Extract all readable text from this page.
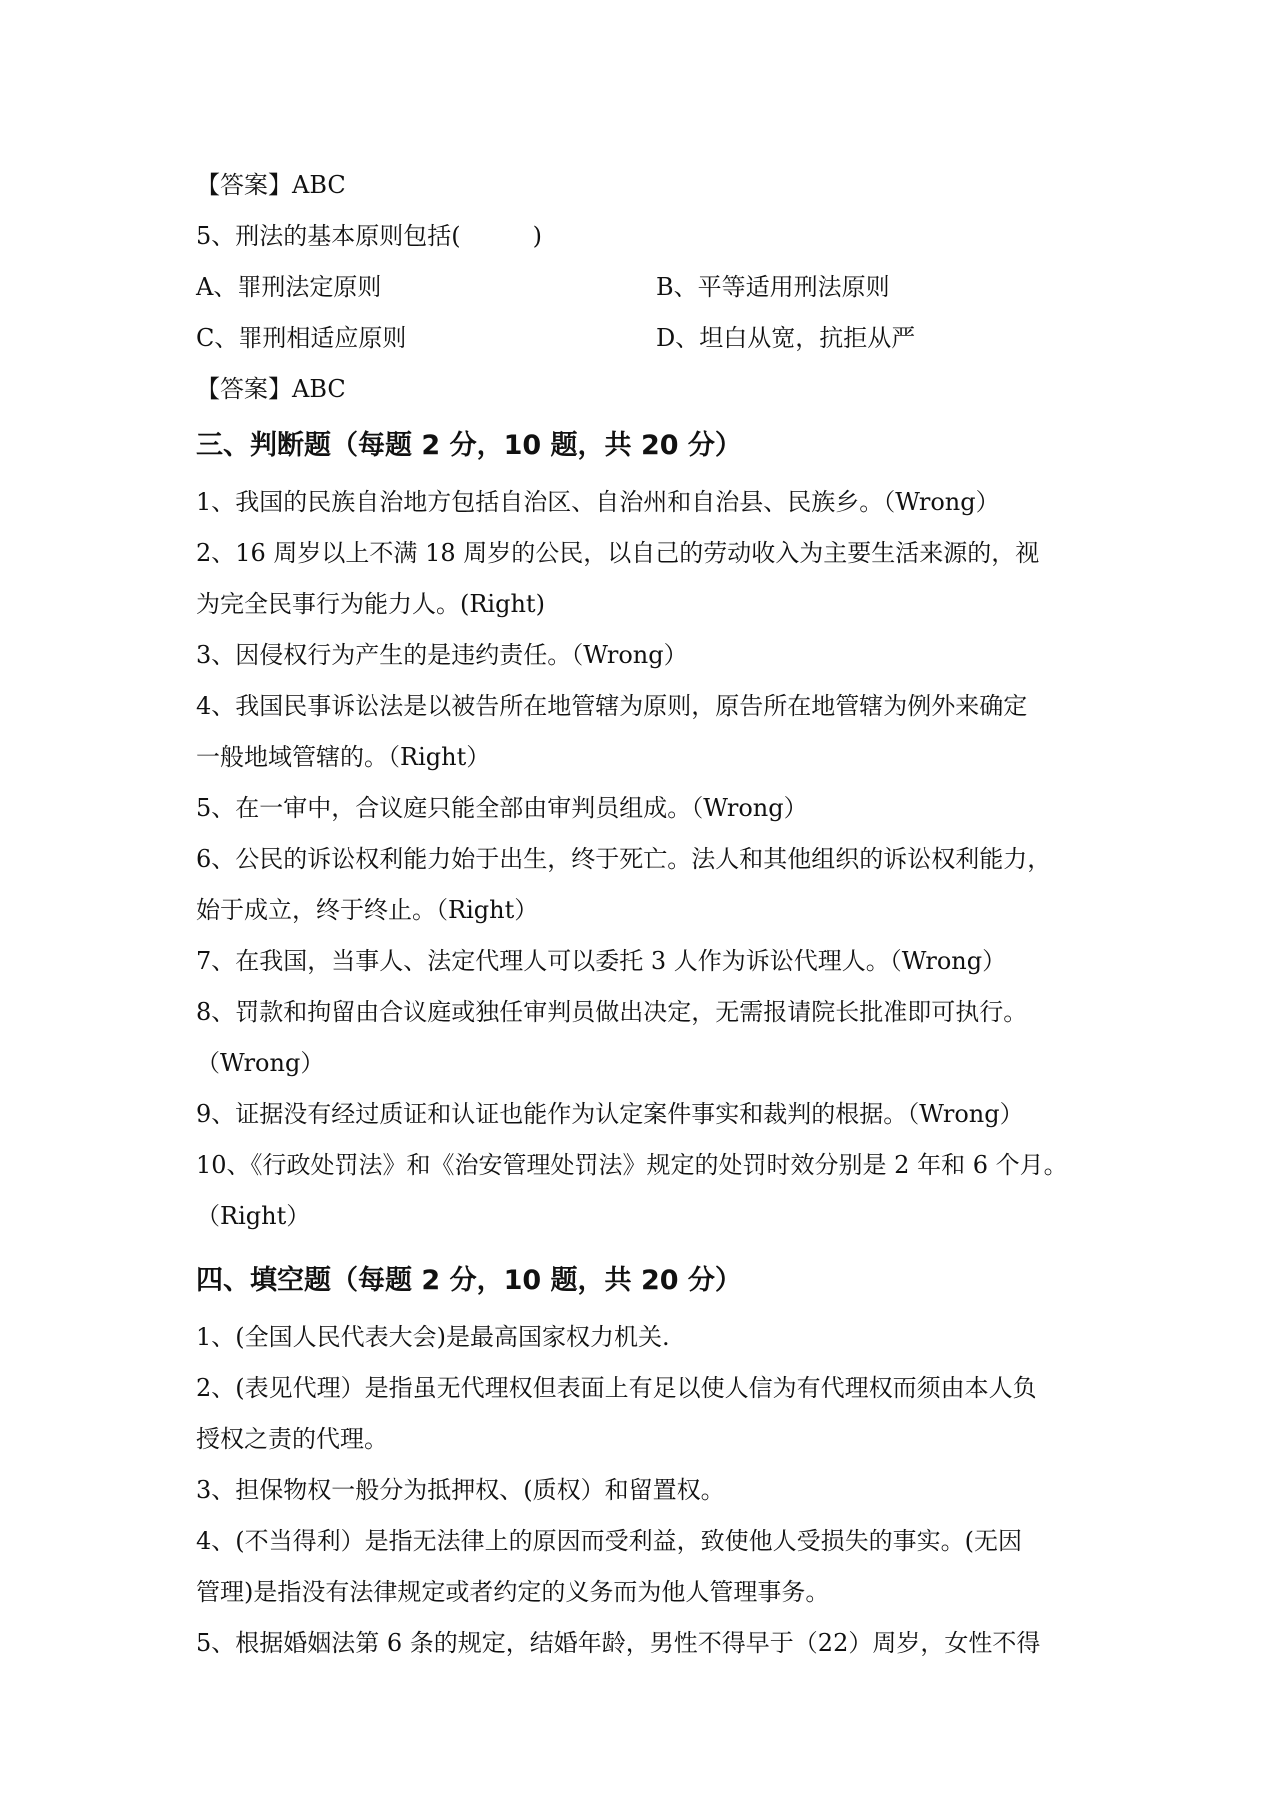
【答案】ABC
5、刑法的基本原则包括(　　　)
A、罪刑法定原则	B、平等适用刑法原则
C、罪刑相适应原则	D、坦白从宽，抗拒从严
【答案】ABC
三、判断题（每题 2 分，10 题，共 20 分）
1、我国的民族自治地方包括自治区、自治州和自治县、民族乡。（Wrong）
2、16 周岁以上不满 18 周岁的公民，以自己的劳动收入为主要生活来源的，视
为完全民事行为能力人。(Right)
3、因侵权行为产生的是违约责任。（Wrong）
4、我国民事诉讼法是以被告所在地管辖为原则，原告所在地管辖为例外来确定
一般地域管辖的。（Right）
5、在一审中，合议庭只能全部由审判员组成。（Wrong）
6、公民的诉讼权利能力始于出生，终于死亡。法人和其他组织的诉讼权利能力，
始于成立，终于终止。（Right）
7、在我国，当事人、法定代理人可以委托 3 人作为诉讼代理人。（Wrong）
8、罚款和拘留由合议庭或独任审判员做出决定，无需报请院长批准即可执行。
（Wrong）
9、证据没有经过质证和认证也能作为认定案件事实和裁判的根据。（Wrong）
10、《行政处罚法》和《治安管理处罚法》规定的处罚时效分别是 2 年和 6 个月。
（Right）
四、填空题（每题 2 分，10 题，共 20 分）
1、(全国人民代表大会)是最高国家权力机关.
2、(表见代理）是指虽无代理权但表面上有足以使人信为有代理权而须由本人负
授权之责的代理。
3、担保物权一般分为抵押权、(质权）和留置权。
4、(不当得利）是指无法律上的原因而受利益，致使他人受损失的事实。(无因
管理)是指没有法律规定或者约定的义务而为他人管理事务。
5、根据婚姻法第 6 条的规定，结婚年龄，男性不得早于（22）周岁，女性不得
